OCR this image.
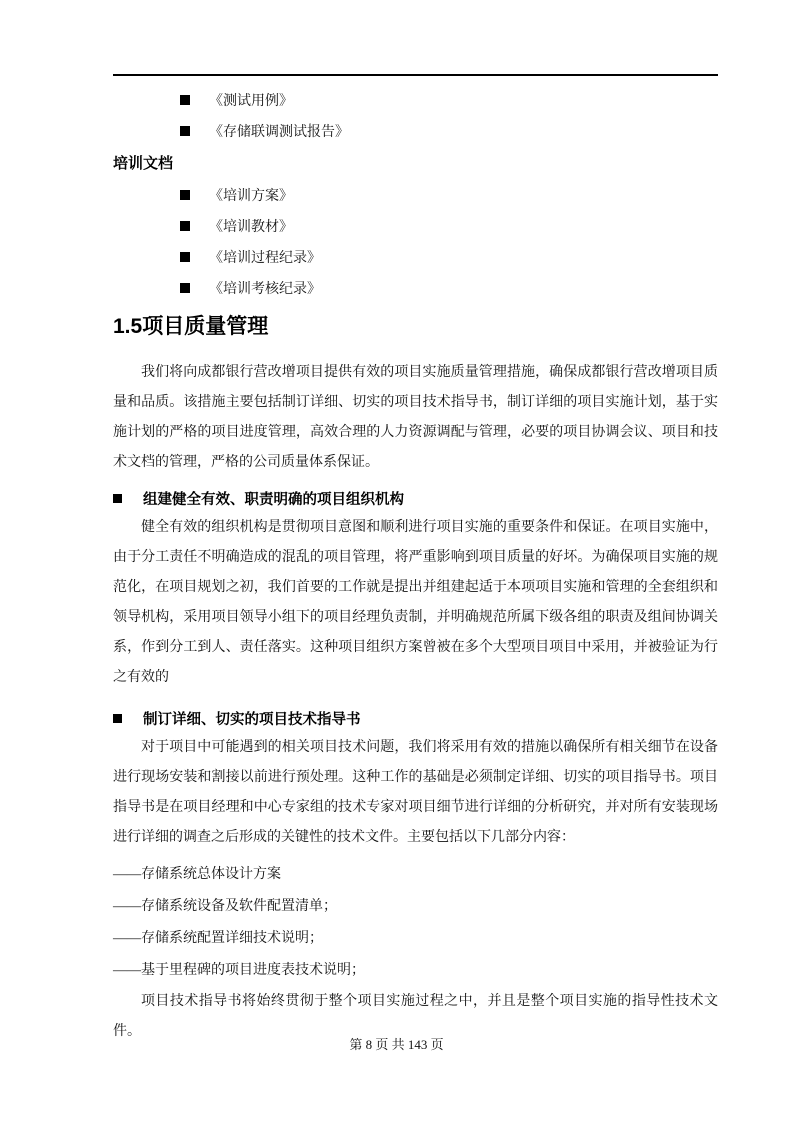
《测试用例》
《存储联调测试报告》
培训文档
《培训方案》
《培训教材》
《培训过程纪录》
《培训考核纪录》
1.5项目质量管理

我们将向成都银行营改增项目提供有效的项目实施质量管理措施，确保成都银行营改增项目质量和品质。该措施主要包括制订详细、切实的项目技术指导书，制订详细的项目实施计划，基于实施计划的严格的项目进度管理，高效合理的人力资源调配与管理，必要的项目协调会议、项目和技术文档的管理，严格的公司质量体系保证。

组建健全有效、职责明确的项目组织机构

健全有效的组织机构是贯彻项目意图和顺利进行项目实施的重要条件和保证。在项目实施中，由于分工责任不明确造成的混乱的项目管理，将严重影响到项目质量的好坏。为确保项目实施的规范化，在项目规划之初，我们首要的工作就是提出并组建起适于本项项目实施和管理的全套组织和领导机构，采用项目领导小组下的项目经理负责制，并明确规范所属下级各组的职责及组间协调关系，作到分工到人、责任落实。这种项目组织方案曾被在多个大型项目项目中采用，并被验证为行之有效的

制订详细、切实的项目技术指导书

对于项目中可能遇到的相关项目技术问题，我们将采用有效的措施以确保所有相关细节在设备进行现场安装和割接以前进行预处理。这种工作的基础是必须制定详细、切实的项目指导书。项目指导书是在项目经理和中心专家组的技术专家对项目细节进行详细的分析研究，并对所有安装现场进行详细的调查之后形成的关键性的技术文件。主要包括以下几部分内容：

——存储系统总体设计方案
——存储系统设备及软件配置清单；
——存储系统配置详细技术说明；
——基于里程碑的项目进度表技术说明；

项目技术指导书将始终贯彻于整个项目实施过程之中，并且是整个项目实施的指导性技术文件。

第 8 页 共 143 页
